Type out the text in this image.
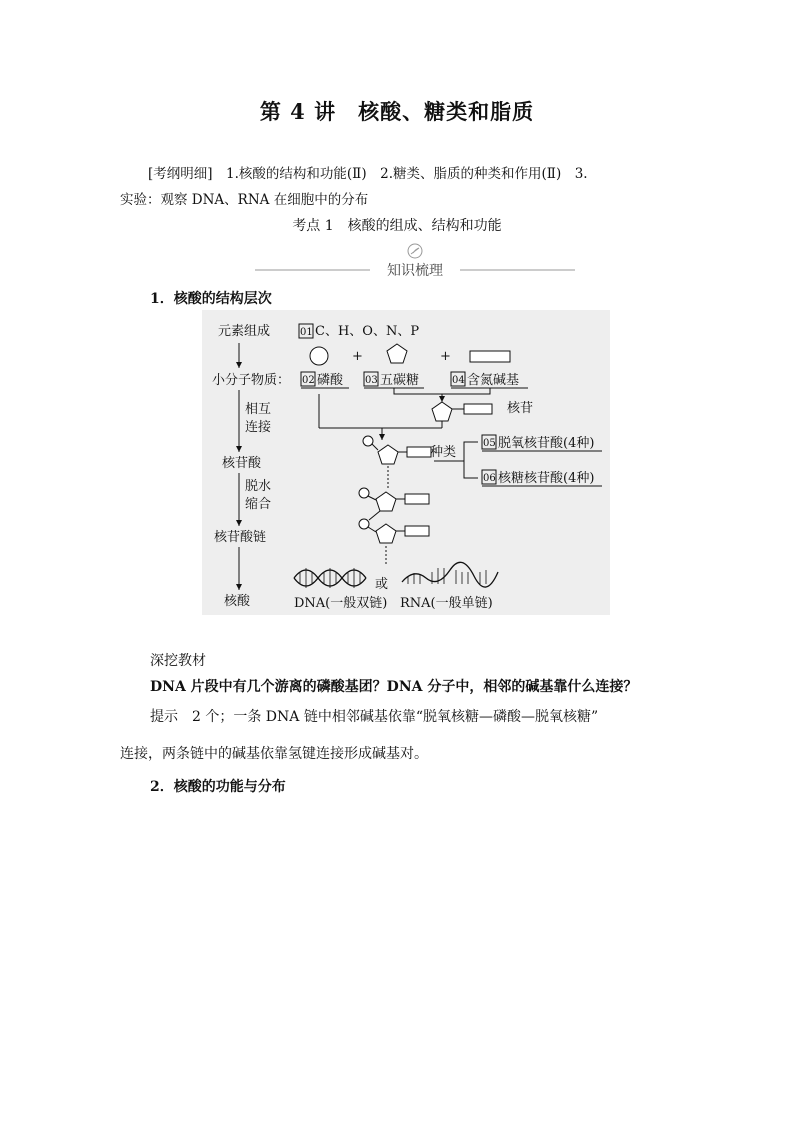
第 4 讲　核酸、糖类和脂质
[考纲明细]　1.核酸的结构和功能(Ⅱ)　2.糖类、脂质的种类和作用(Ⅱ)　3.
实验：观察 DNA、RNA 在细胞中的分布
考点 1　核酸的组成、结构和功能
知识梳理
1．核酸的结构层次
元素组成
小分子物质：
核苷酸
核苷酸链
核酸
相互
连接
脱水
缩合
01 C、H、O、N、P
+	+
02 磷酸 03 五碳糖	04 含氮碱基
核苷
种类
05 脱氧核苷酸(4种)
06 核糖核苷酸(4种)
或
DNA(一般双链) RNA(一般单链)
深挖教材
DNA 片段中有几个游离的磷酸基团？DNA 分子中，相邻的碱基靠什么连接？
提示　2 个；一条 DNA 链中相邻碱基依靠“脱氧核糖—磷酸—脱氧核糖”
连接，两条链中的碱基依靠氢键连接形成碱基对。
2．核酸的功能与分布
